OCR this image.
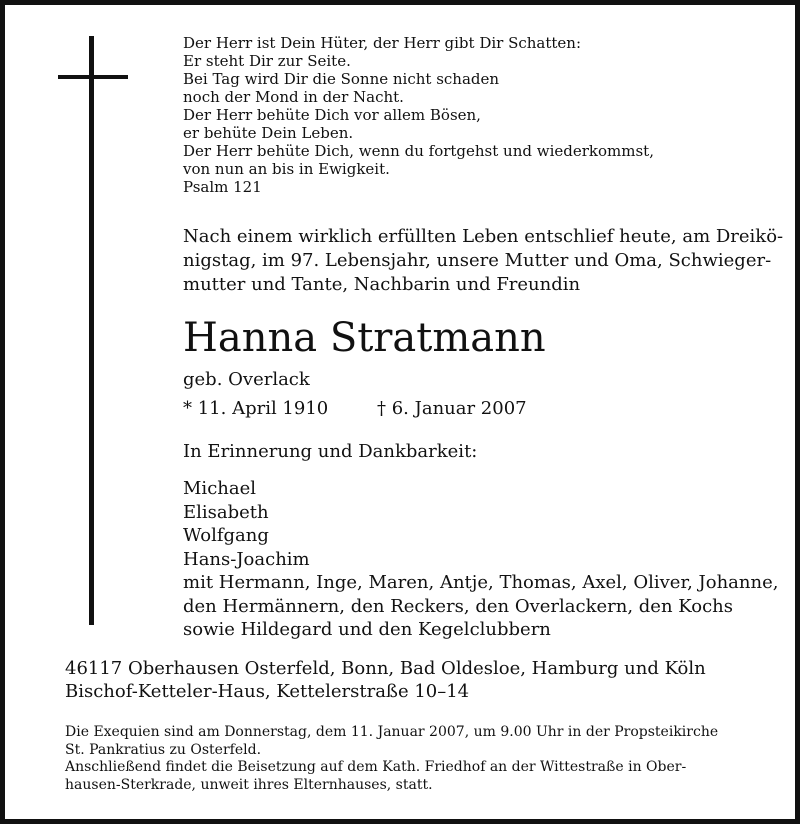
Der Herr ist Dein Hüter, der Herr gibt Dir Schatten:
Er steht Dir zur Seite.
Bei Tag wird Dir die Sonne nicht schaden
noch der Mond in der Nacht.
Der Herr behüte Dich vor allem Bösen,
er behüte Dein Leben.
Der Herr behüte Dich, wenn du fortgehst und wiederkommst,
von nun an bis in Ewigkeit.
Psalm 121
Nach einem wirklich erfüllten Leben entschlief heute, am Dreikö-
nigstag, im 97. Lebensjahr, unsere Mutter und Oma, Schwieger-
mutter und Tante, Nachbarin und Freundin
Hanna Stratmann
geb. Overlack
* 11. April 1910	† 6. Januar 2007
In Erinnerung und Dankbarkeit:
Michael
Elisabeth
Wolfgang
Hans-Joachim
mit Hermann, Inge, Maren, Antje, Thomas, Axel, Oliver, Johanne,
den Hermännern, den Reckers, den Overlackern, den Kochs
sowie Hildegard und den Kegelclubbern
46117 Oberhausen Osterfeld, Bonn, Bad Oldesloe, Hamburg und Köln
Bischof-Ketteler-Haus, Kettelerstraße 10–14
Die Exequien sind am Donnerstag, dem 11. Januar 2007, um 9.00 Uhr in der Propsteikirche
St. Pankratius zu Osterfeld.
Anschließend findet die Beisetzung auf dem Kath. Friedhof an der Wittestraße in Ober-
hausen-Sterkrade, unweit ihres Elternhauses, statt.
